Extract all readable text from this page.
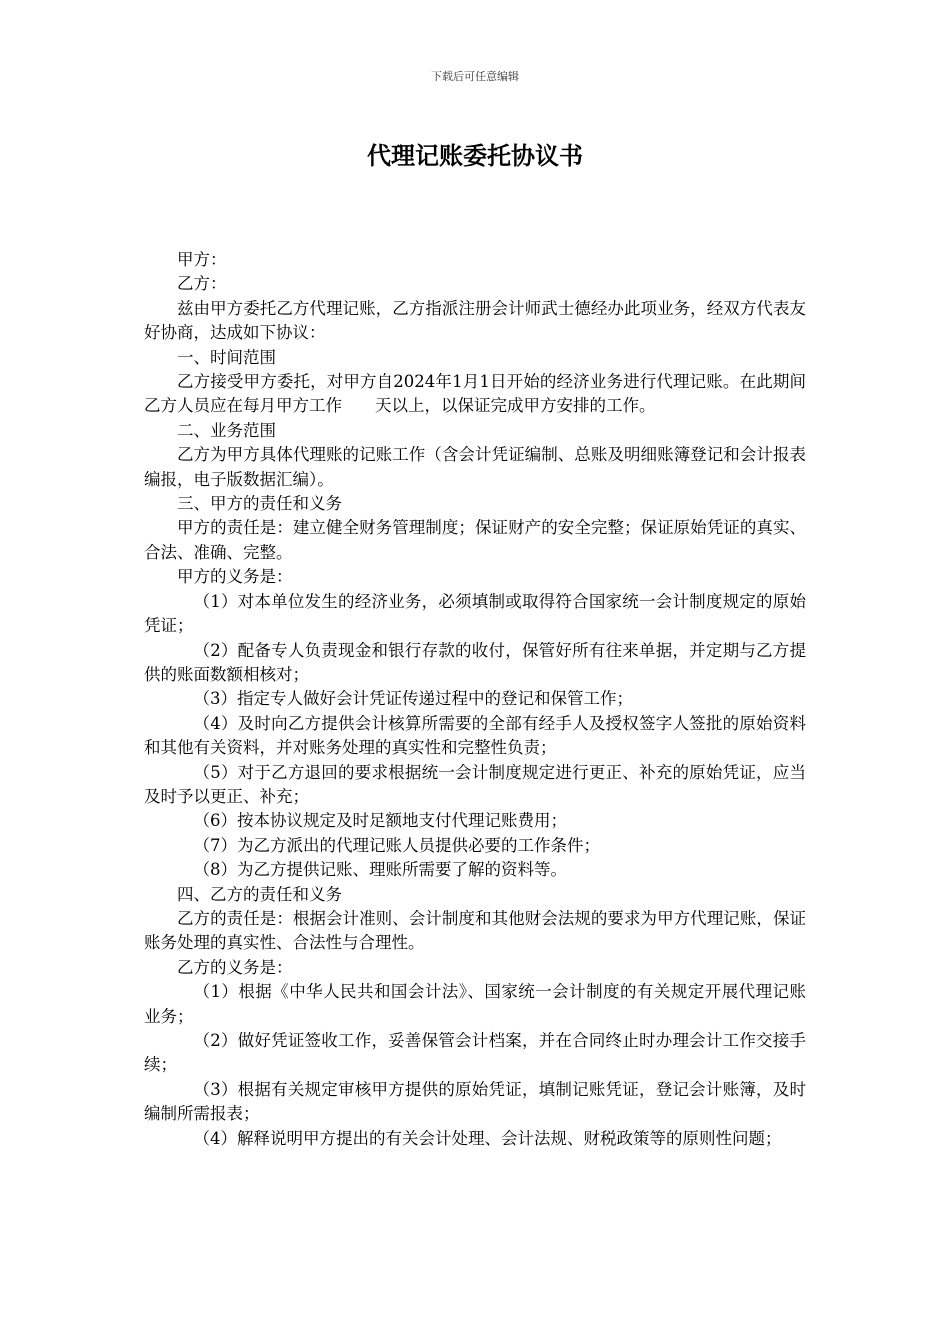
下载后可任意编辑
代理记账委托协议书

甲方：

乙方：

兹由甲方委托乙方代理记账，乙方指派注册会计师武士德经办此项业务，经双方代表友好协商，达成如下协议：

一、时间范围

乙方接受甲方委托，对甲方自2024年1月1日开始的经济业务进行代理记账。在此期间乙方人员应在每月甲方工作 天以上，以保证完成甲方安排的工作。

二、业务范围

乙方为甲方具体代理账的记账工作（含会计凭证编制、总账及明细账簿登记和会计报表编报，电子版数据汇编）。

三、甲方的责任和义务

甲方的责任是：建立健全财务管理制度；保证财产的安全完整；保证原始凭证的真实、合法、准确、完整。

甲方的义务是：

（1）对本单位发生的经济业务，必须填制或取得符合国家统一会计制度规定的原始凭证；

（2）配备专人负责现金和银行存款的收付，保管好所有往来单据，并定期与乙方提供的账面数额相核对；

（3）指定专人做好会计凭证传递过程中的登记和保管工作；

（4）及时向乙方提供会计核算所需要的全部有经手人及授权签字人签批的原始资料和其他有关资料，并对账务处理的真实性和完整性负责；

（5）对于乙方退回的要求根据统一会计制度规定进行更正、补充的原始凭证，应当及时予以更正、补充；

（6）按本协议规定及时足额地支付代理记账费用；

（7）为乙方派出的代理记账人员提供必要的工作条件；

（8）为乙方提供记账、理账所需要了解的资料等。

四、乙方的责任和义务

乙方的责任是：根据会计准则、会计制度和其他财会法规的要求为甲方代理记账，保证账务处理的真实性、合法性与合理性。

乙方的义务是：

（1）根据《中华人民共和国会计法》、国家统一会计制度的有关规定开展代理记账业务；

（2）做好凭证签收工作，妥善保管会计档案，并在合同终止时办理会计工作交接手续；

（3）根据有关规定审核甲方提供的原始凭证，填制记账凭证，登记会计账簿，及时编制所需报表；

（4）解释说明甲方提出的有关会计处理、会计法规、财税政策等的原则性问题；
